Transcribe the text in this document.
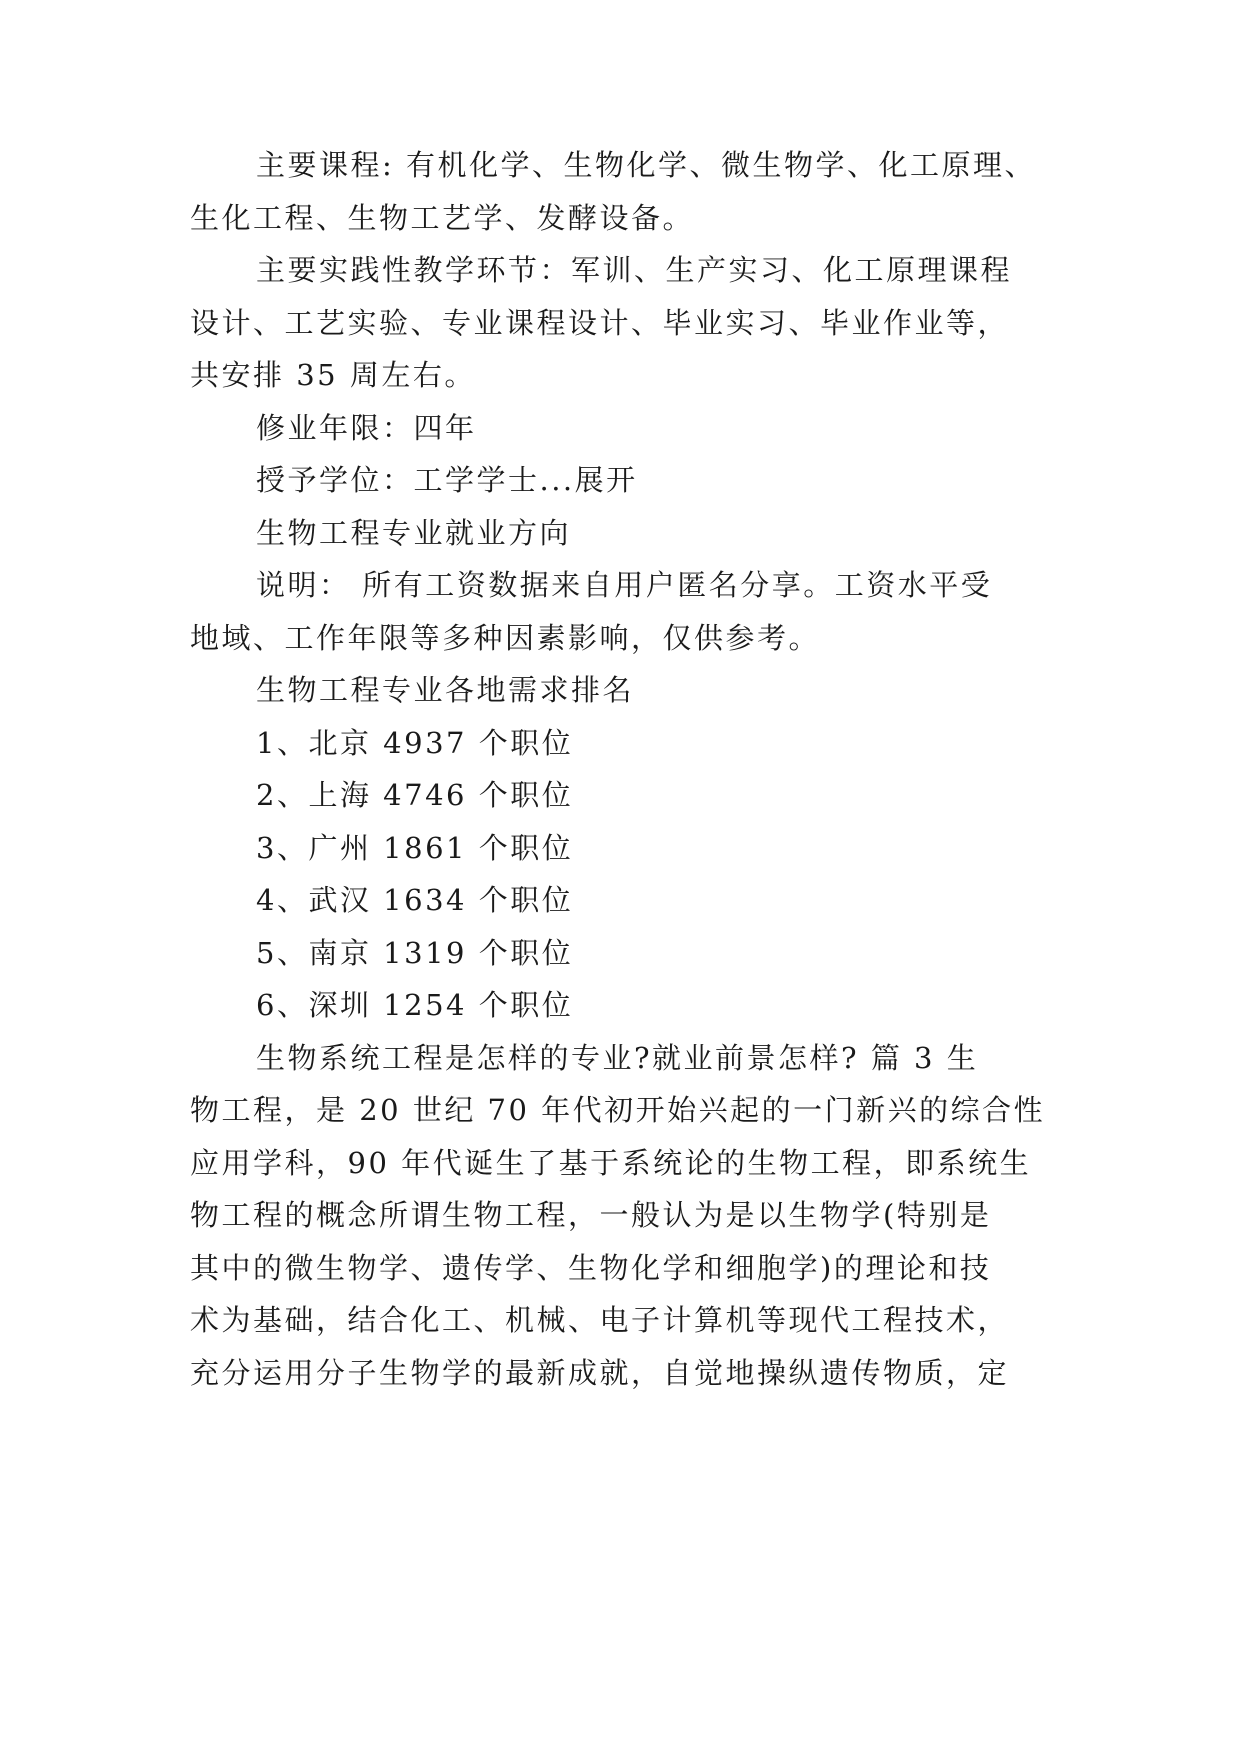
主要课程: 有机化学、生物化学、微生物学、化工原理、
生化工程、生物工艺学、发酵设备。
主要实践性教学环节：军训、生产实习、化工原理课程
设计、工艺实验、专业课程设计、毕业实习、毕业作业等，
共安排 35 周左右。
修业年限：四年
授予学位：工学学士...展开
生物工程专业就业方向
说明： 所有工资数据来自用户匿名分享。工资水平受
地域、工作年限等多种因素影响，仅供参考。
生物工程专业各地需求排名
1、北京 4937 个职位
2、上海 4746 个职位
3、广州 1861 个职位
4、武汉 1634 个职位
5、南京 1319 个职位
6、深圳 1254 个职位
生物系统工程是怎样的专业?就业前景怎样? 篇 3 生
物工程，是 20 世纪 70 年代初开始兴起的一门新兴的综合性
应用学科，90 年代诞生了基于系统论的生物工程，即系统生
物工程的概念所谓生物工程，一般认为是以生物学(特别是
其中的微生物学、遗传学、生物化学和细胞学)的理论和技
术为基础，结合化工、机械、电子计算机等现代工程技术，
充分运用分子生物学的最新成就，自觉地操纵遗传物质，定
